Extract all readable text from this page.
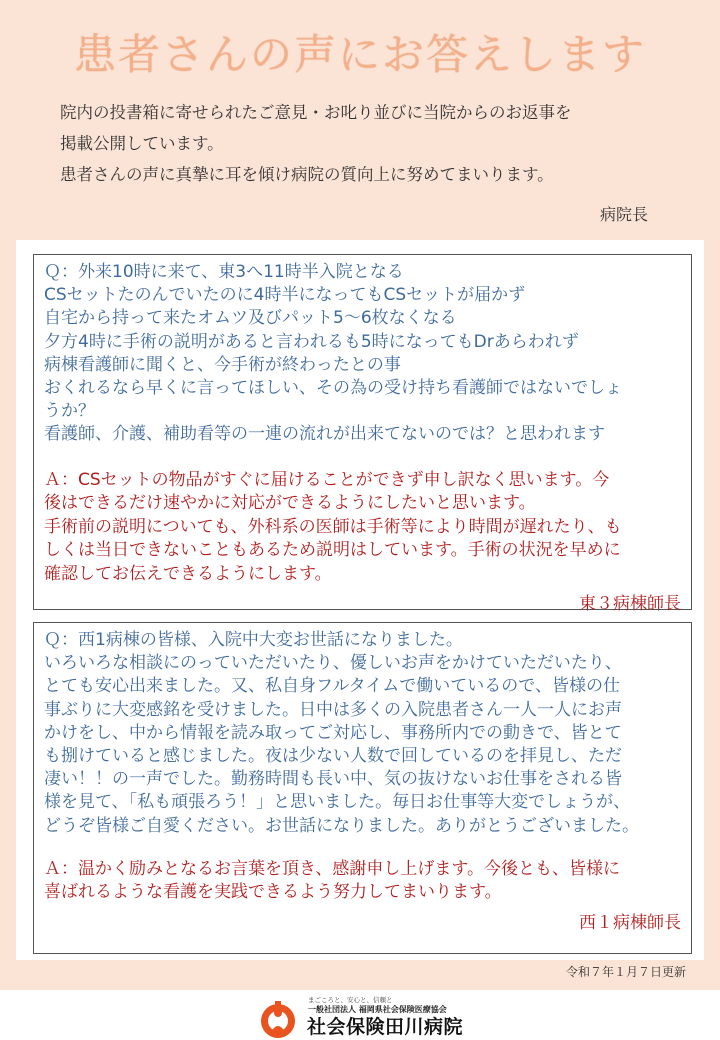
患者さんの声にお答えします
院内の投書箱に寄せられたご意見・お叱り並びに当院からのお返事を
掲載公開しています。
患者さんの声に真摯に耳を傾け病院の質向上に努めてまいります。
病院長
Ｑ：外来10時に来て、東3へ11時半入院となる
CSセットたのんでいたのに4時半になってもCSセットが届かず
自宅から持って来たオムツ及びパット5～6枚なくなる
夕方4時に手術の説明があると言われるも5時になってもDrあらわれず
病棟看護師に聞くと、今手術が終わったとの事
おくれるなら早くに言ってほしい、その為の受け持ち看護師ではないでしょ
うか？
看護師、介護、補助看等の一連の流れが出来てないのでは？と思われます
Ａ：CSセットの物品がすぐに届けることができず申し訳なく思います。今
後はできるだけ速やかに対応ができるようにしたいと思います。
手術前の説明についても、外科系の医師は手術等により時間が遅れたり、も
しくは当日できないこともあるため説明はしています。手術の状況を早めに
確認してお伝えできるようにします。
東３病棟師長
Ｑ：西1病棟の皆様、入院中大変お世話になりました。
いろいろな相談にのっていただいたり、優しいお声をかけていただいたり、
とても安心出来ました。又、私自身フルタイムで働いているので、皆様の仕
事ぶりに大変感銘を受けました。日中は多くの入院患者さん一人一人にお声
かけをし、中から情報を読み取ってご対応し、事務所内での動きで、皆とて
も捌けていると感じました。夜は少ない人数で回しているのを拝見し、ただ
凄い！！の一声でした。勤務時間も長い中、気の抜けないお仕事をされる皆
様を見て、「私も頑張ろう！」と思いました。毎日お仕事等大変でしょうが、
どうぞ皆様ご自愛ください。お世話になりました。ありがとうございました。
Ａ：温かく励みとなるお言葉を頂き、感謝申し上げます。今後とも、皆様に
喜ばれるような看護を実践できるよう努力してまいります。
西１病棟師長
令和７年１月７日更新
まごころと、安心と、信頼と
一般社団法人 福岡県社会保険医療協会
社会保険田川病院
